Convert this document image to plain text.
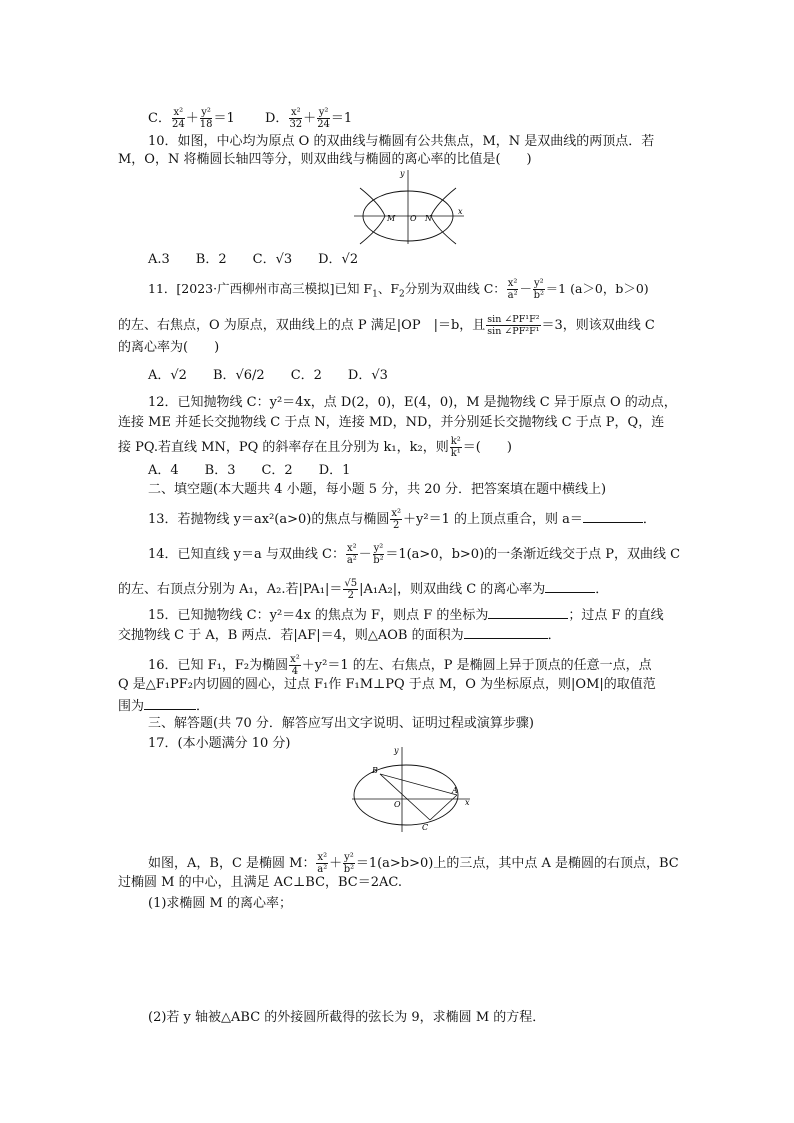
C． $\frac{\text{x²}}{24} + \frac{\text{y²}}{18} =1$ D． $\frac{\text{x²}}{32} + \frac{\text{y²}}{24} =1$
10．如图，中心均为原点 O 的双曲线与椭圆有公共焦点，M，N 是双曲线的两顶点．若
M，O，N 将椭圆长轴四等分，则双曲线与椭圆的离心率的比值是(　　)
y
x
M O N
A.3　　B．2　　C．√3　　D．√2
11．[2023·广西柳州市高三模拟]已知 $F_1$、$F_2$分别为双曲线 C： $\frac{\text{x²}}{\text{a²}} - \frac{\text{y²}}{\text{b²}} =1$ (a＞0，b＞0)
的左、右焦点，O 为原点，双曲线上的点 P 满足|OP　|＝b，且 $\frac{\text{sin ∠PF¹F²}}{\text{sin ∠PF²F¹}} =3$，则该双曲线 C
的离心率为(　　)
A．√2　　B．√6/2　　C．2　　D．√3
12．已知抛物线 C：y²＝4x，点 D(2，0)，E(4，0)，M 是抛物线 C 异于原点 O 的动点，
连接 ME 并延长交抛物线 C 于点 N，连接 MD，ND，并分别延长交抛物线 C 于点 P，Q，连
接 PQ.若直线 MN，PQ 的斜率存在且分别为 k₁，k₂，则 $\frac{\text{k²}}{\text{k¹}}$ ＝(　　)
A．4　　B．3　　C．2　　D．1
二、填空题(本大题共 4 小题，每小题 5 分，共 20 分．把答案填在题中横线上)
13．若抛物线 y＝ax²(a>0)的焦点与椭圆 $\frac{\text{x²}}{2} +y^2=1$ 的上顶点重合，则 a＝	．
14．已知直线 y＝a 与双曲线 C： $\frac{\text{x²}}{\text{a²}} - \frac{\text{y²}}{\text{b²}} =1(a>0$，b>0)的一条渐近线交于点 P，双曲线 C
的左、右顶点分别为 A₁，A₂.若$|PA_1|= \frac{√5}{2} |A_1A_2|$，则双曲线 C 的离心率为	．
15．已知抛物线 C：y²＝4x 的焦点为 F，则点 F 的坐标为	；过点 F 的直线
交抛物线 C 于 A，B 两点．若|AF|＝4，则△AOB 的面积为	．
16．已知 F₁，F₂为椭圆 $\frac{\text{x²}}{4} +y^2=1$ 的左、右焦点，P 是椭圆上异于顶点的任意一点，点
Q 是△F₁PF₂内切圆的圆心，过点 F₁作 F₁M⊥PQ 于点 M，O 为坐标原点，则|OM|的取值范
围为	．
三、解答题(共 70 分．解答应写出文字说明、证明过程或演算步骤)
17．(本小题满分 10 分)	y
x
B
A
O
C
如图，A，B，C 是椭圆 M： $\frac{\text{x²}}{\text{a²}} + \frac{\text{y²}}{\text{b²}} =1(a>b>0)$上的三点，其中点 A 是椭圆的右顶点，BC
过椭圆 M 的中心，且满足 AC⊥BC，BC＝2AC.
(1)求椭圆 M 的离心率；
(2)若 y 轴被△ABC 的外接圆所截得的弦长为 9，求椭圆 M 的方程．
